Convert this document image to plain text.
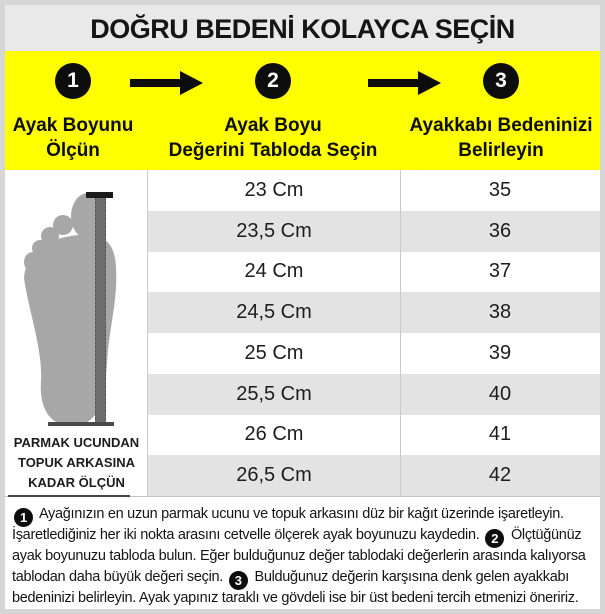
DOĞRU BEDENİ KOLAYCA SEÇİN
1
Ayak Boyunu
Ölçün
2
Ayak Boyu
Değerini Tabloda Seçin
3
Ayakkabı Bedeninizi
Belirleyin
PARMAK UCUNDAN
TOPUK ARKASINA
KADAR ÖLÇÜN
23 Cm	35
23,5 Cm	36
24 Cm	37
24,5 Cm	38
25 Cm	39
25,5 Cm	40
26 Cm	41
26,5 Cm	42
1 Ayağınızın en uzun parmak ucunu ve topuk arkasını düz bir kağıt üzerinde işaretleyin. İşaretlediğiniz her iki nokta arasını cetvelle ölçerek ayak boyunuzu kaydedin. 2 Ölçtüğünüz ayak boyunuzu tabloda bulun. Eğer bulduğunuz değer tablodaki değerlerin arasında kalıyorsa tablodan daha büyük değeri seçin. 3 Bulduğunuz değerin karşısına denk gelen ayakkabı bedeninizi belirleyin. Ayak yapınız taraklı ve gövdeli ise bir üst bedeni tercih etmenizi öneririz.
